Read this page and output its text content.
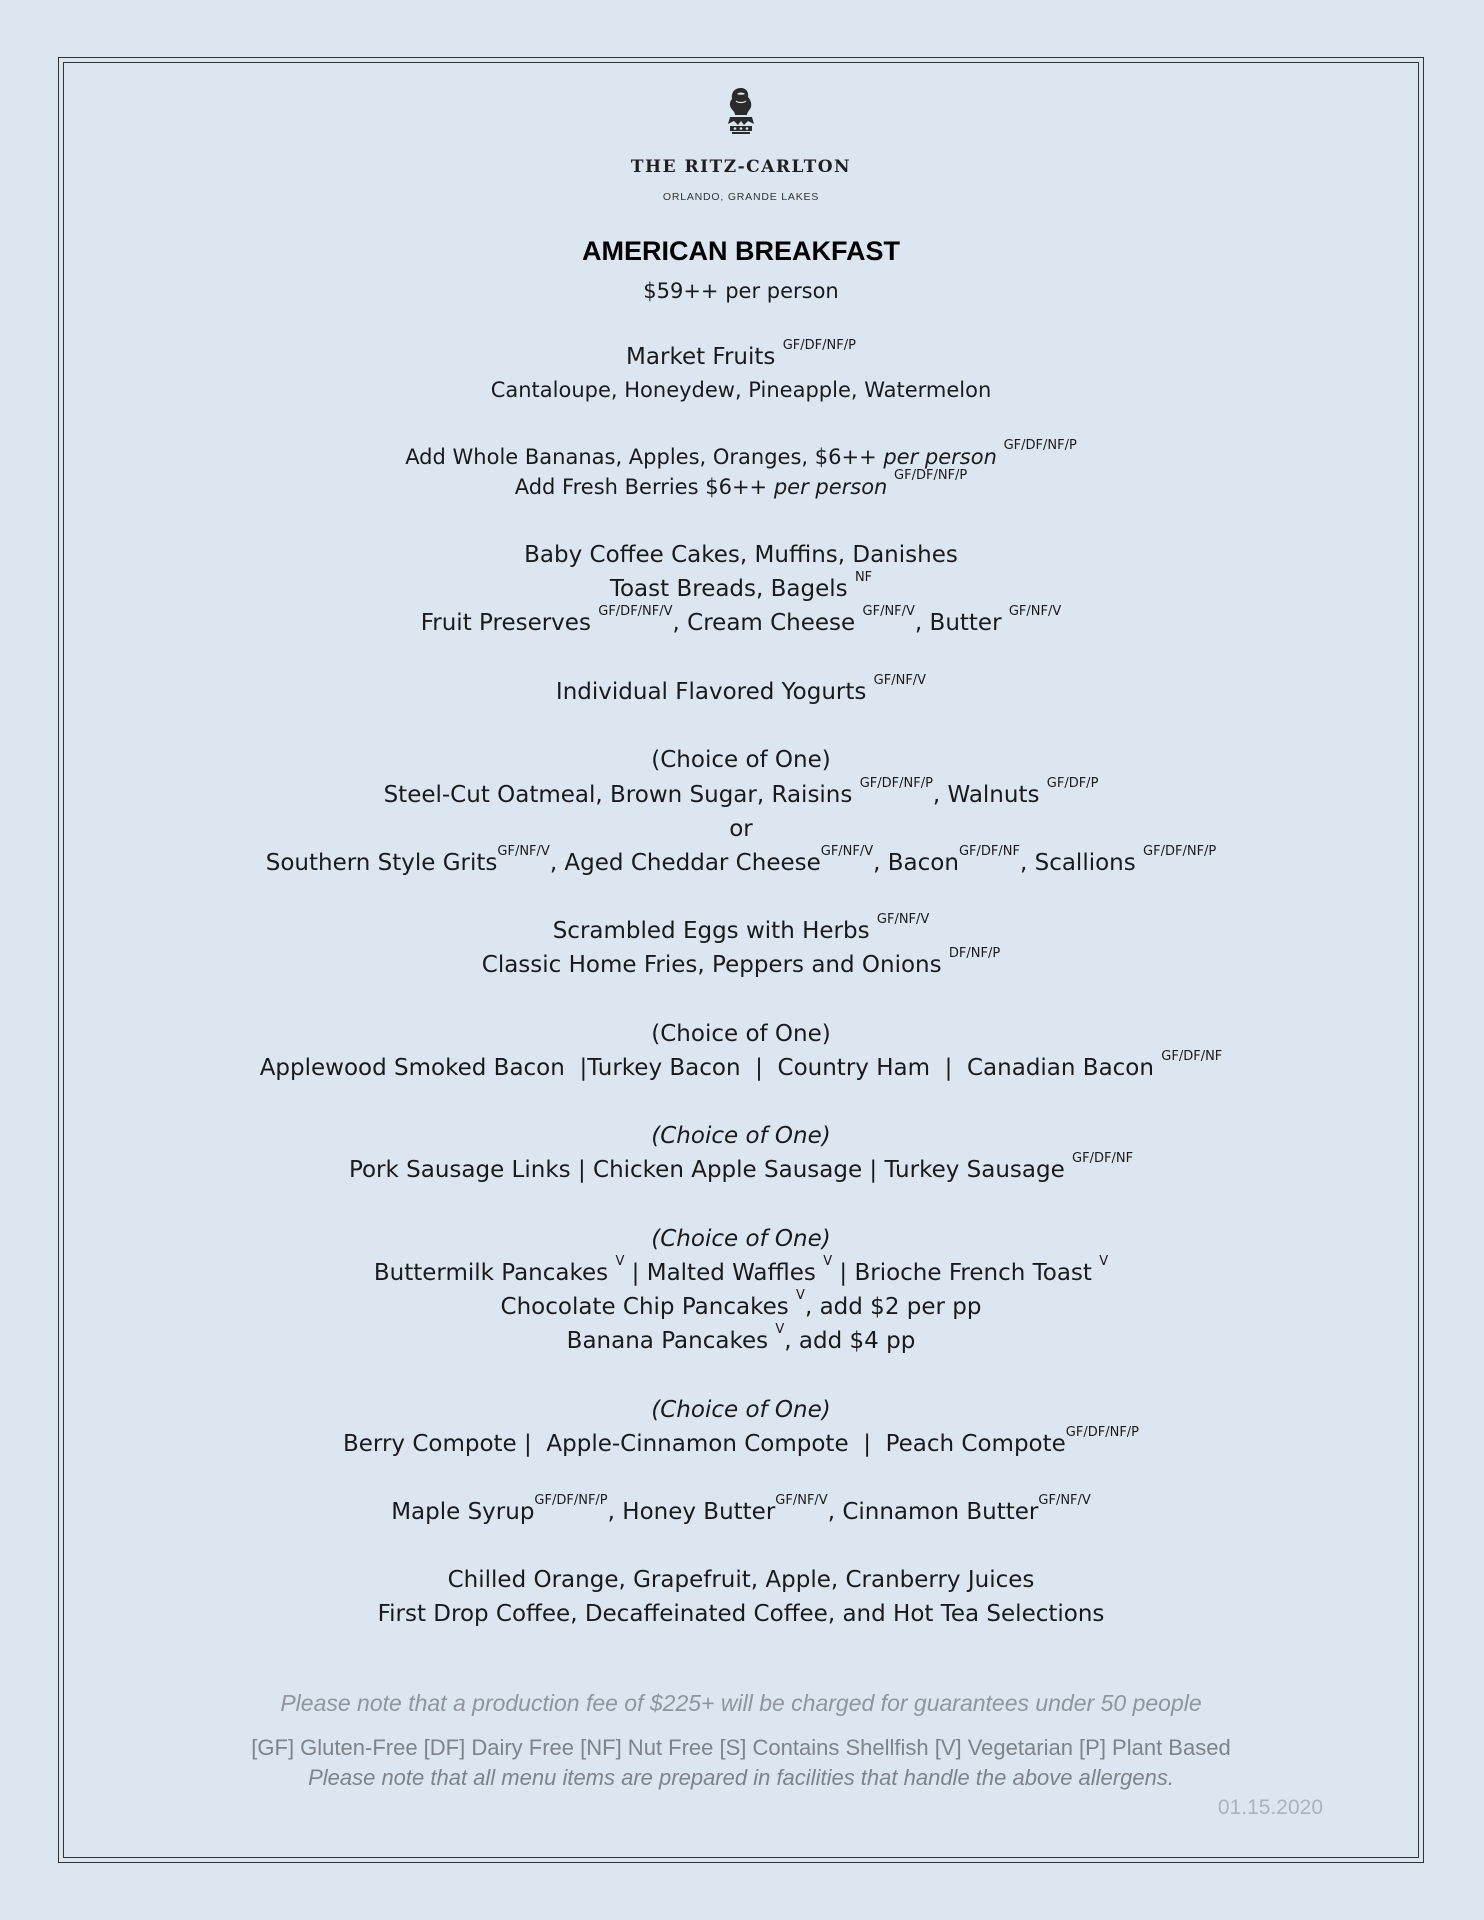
THE RITZ-CARLTON
ORLANDO, GRANDE LAKES
AMERICAN BREAKFAST
$59++ per person
Market Fruits $^{GF/DF/NF/P}$
Cantaloupe, Honeydew, Pineapple, Watermelon
Add Whole Bananas, Apples, Oranges, $6++ per person $^{GF/DF/NF/P}$
Add Fresh Berries $6++ per person $^{GF/DF/NF/P}$
Baby Coffee Cakes, Muffins, Danishes
Toast Breads, Bagels $^{NF}$
Fruit Preserves $^{GF/DF/NF/V}$, Cream Cheese $^{GF/NF/V}$, Butter $^{GF/NF/V}$
Individual Flavored Yogurts $^{GF/NF/V}$
(Choice of One)
Steel-Cut Oatmeal, Brown Sugar, Raisins $^{GF/DF/NF/P}$, Walnuts $^{GF/DF/P}$
or
Southern Style Grits$^{GF/NF/V}$, Aged Cheddar Cheese$^{GF/NF/V}$, Bacon$^{GF/DF/NF}$, Scallions $^{GF/DF/NF/P}$
Scrambled Eggs with Herbs $^{GF/NF/V}$
Classic Home Fries, Peppers and Onions $^{DF/NF/P}$
(Choice of One)
Applewood Smoked Bacon  |Turkey Bacon  |  Country Ham  |  Canadian Bacon $^{GF/DF/NF}$
(Choice of One)
Pork Sausage Links | Chicken Apple Sausage | Turkey Sausage $^{GF/DF/NF}$
(Choice of One)
Buttermilk Pancakes $^V$ | Malted Waffles $^V$ | Brioche French Toast $^V$
Chocolate Chip Pancakes $^V$, add $2 per pp
Banana Pancakes $^V$, add $4 pp
(Choice of One)
Berry Compote |  Apple-Cinnamon Compote  |  Peach Compote$^{GF/DF/NF/P}$
Maple Syrup$^{GF/DF/NF/P}$, Honey Butter$^{GF/NF/V}$, Cinnamon Butter$^{GF/NF/V}$
Chilled Orange, Grapefruit, Apple, Cranberry Juices
First Drop Coffee, Decaffeinated Coffee, and Hot Tea Selections
Please note that a production fee of $225+ will be charged for guarantees under 50 people
[GF] Gluten-Free [DF] Dairy Free [NF] Nut Free [S] Contains Shellfish [V] Vegetarian [P] Plant Based
Please note that all menu items are prepared in facilities that handle the above allergens.
01.15.2020
